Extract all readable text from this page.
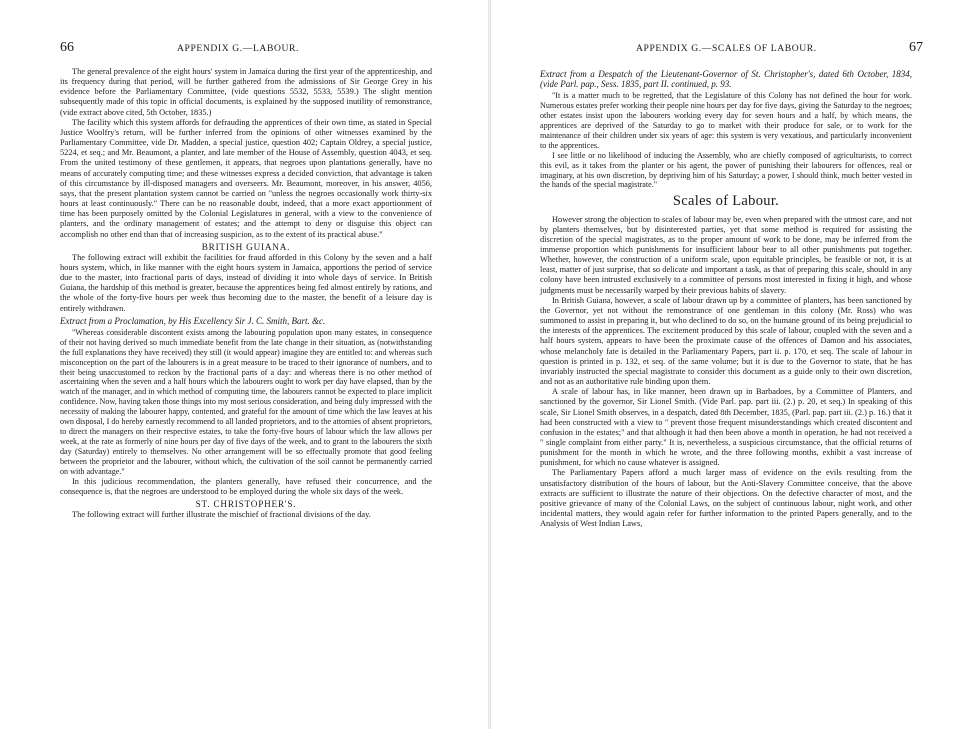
66	APPENDIX G.—LABOUR.

The general prevalence of the eight hours' system in Jamaica during the first year of the apprenticeship, and its frequency during that period, will be further gathered from the admissions of Sir George Grey in his evidence before the Parliamentary Committee, (vide questions 5532, 5533, 5539.) The slight mention subsequently made of this topic in official documents, is explained by the supposed inutility of remonstrance, (vide extract above cited, 5th October, 1835.)

The facility which this system affords for defrauding the apprentices of their own time, as stated in Special Justice Woolfry's return, will be further inferred from the opinions of other witnesses examined by the Parliamentary Committee, vide Dr. Madden, a special justice, question 402; Captain Oldrey, a special justice, 5224, et seq.; and Mr. Beaumont, a planter, and late member of the House of Assembly, question 4043, et seq. From the united testimony of these gentlemen, it appears, that negroes upon plantations generally, have no means of accurately computing time; and these witnesses express a decided conviction, that advantage is taken of this circumstance by ill-disposed managers and overseers. Mr. Beaumont, moreover, in his answer, 4056, says, that the present plantation system cannot be carried on "unless the negroes occasionally work thirty-six hours at least continuously." There can be no reasonable doubt, indeed, that a more exact apportionment of time has been purposely omitted by the Colonial Legislatures in general, with a view to the convenience of planters, and the ordinary management of estates; and the attempt to deny or disguise this object can accomplish no other end than that of increasing suspicion, as to the extent of its practical abuse."

BRITISH GUIANA.

The following extract will exhibit the facilities for fraud afforded in this Colony by the seven and a half hours system, which, in like manner with the eight hours system in Jamaica, apportions the period of service due to the master, into fractional parts of days, instead of dividing it into whole days of service. In British Guiana, the hardship of this method is greater, because the apprentices being fed almost entirely by rations, and the whole of the forty-five hours per week thus becoming due to the master, the benefit of a leisure day is entirely withdrawn.

Extract from a Proclamation, by His Excellency Sir J. C. Smith, Bart. &c.

"Whereas considerable discontent exists among the labouring population upon many estates, in consequence of their not having derived so much immediate benefit from the late change in their situation, as (notwithstanding the full explanations they have received) they still (it would appear) imagine they are entitled to: and whereas such misconception on the part of the labourers is in a great measure to be traced to their ignorance of numbers, and to their being unaccustomed to reckon by the fractional parts of a day: and whereas there is no other method of ascertaining when the seven and a half hours which the labourers ought to work per day have elapsed, than by the watch of the manager, and in which method of computing time, the labourers cannot be expected to place implicit confidence. Now, having taken those things into my most serious consideration, and being duly impressed with the necessity of making the labourer happy, contented, and grateful for the amount of time which the law leaves at his own disposal, I do hereby earnestly recommend to all landed proprietors, and to the attornies of absent proprietors, to direct the managers on their respective estates, to take the forty-five hours of labour which the law allows per week, at the rate as formerly of nine hours per day of five days of the week, and to grant to the labourers the sixth day (Saturday) entirely to themselves. No other arrangement will be so effectually promote that good feeling between the proprietor and the labourer, without which, the cultivation of the soil cannot be permanently carried on with advantage."

In this judicious recommendation, the planters generally, have refused their concurrence, and the consequence is, that the negroes are understood to be employed during the whole six days of the week.

ST. CHRISTOPHER'S.

The following extract will further illustrate the mischief of fractional divisions of the day.

APPENDIX G.—SCALES OF LABOUR.	67

Extract from a Despatch of the Lieutenant-Governor of St. Christopher's, dated 6th October, 1834, (vide Parl. pap., Sess. 1835, part II. continued, p. 93.

"It is a matter much to be regretted, that the Legislature of this Colony has not defined the hour for work. Numerous estates prefer working their people nine hours per day for five days, giving the Saturday to the negroes; other estates insist upon the labourers working every day for seven hours and a half, by which means, the apprentices are deprived of the Saturday to go to market with their produce for sale, or to work for the maintenance of their children under six years of age: this system is very vexatious, and particularly inconvenient to the apprentices.

I see little or no likelihood of inducing the Assembly, who are chiefly composed of agriculturists, to correct this evil, as it takes from the planter or his agent, the power of punishing their labourers for offences, real or imaginary, at his own discretion, by depriving him of his Saturday; a power, I should think, much better vested in the hands of the special magistrate."

Scales of Labour.

However strong the objection to scales of labour may be, even when prepared with the utmost care, and not by planters themselves, but by disinterested parties, yet that some method is required for assisting the discretion of the special magistrates, as to the proper amount of work to be done, may be inferred from the immense proportion which punishments for insufficient labour bear to all other punishments put together. Whether, however, the construction of a uniform scale, upon equitable principles, be feasible or not, it is at least, matter of just surprise, that so delicate and important a task, as that of preparing this scale, should in any colony have been intrusted exclusively to a committee of persons most interested in fixing it high, and whose judgments must be necessarily warped by their previous habits of slavery.

In British Guiana, however, a scale of labour drawn up by a committee of planters, has been sanctioned by the Governor, yet not without the remonstrance of one gentleman in this colony (Mr. Ross) who was summoned to assist in preparing it, but who declined to do so, on the humane ground of its being prejudicial to the interests of the apprentices. The excitement produced by this scale of labour, coupled with the seven and a half hours system, appears to have been the proximate cause of the offences of Damon and his associates, whose melancholy fate is detailed in the Parliamentary Papers, part ii. p. 170, et seq. The scale of labour in question is printed in p. 132, et seq. of the same volume; but it is due to the Governor to state, that he has invariably instructed the special magistrate to consider this document as a guide only to their own discretion, and not as an authoritative rule binding upon them.

A scale of labour has, in like manner, been drawn up in Barbadoes, by a Committee of Planters, and sanctioned by the governor, Sir Lionel Smith. (Vide Parl. pap. part iii. (2.) p. 20, et seq.) In speaking of this scale, Sir Lionel Smith observes, in a despatch, dated 8th December, 1835, (Parl. pap. part iii. (2.) p. 16.) that it had been constructed with a view to " prevent those frequent misunderstandings which created discontent and confusion in the estates;" and that although it had then been above a month in operation, he had not received a " single complaint from either party." It is, nevertheless, a suspicious circumstance, that the official returns of punishment for the month in which he wrote, and the three following months, exhibit a vast increase of punishment, for which no cause whatever is assigned.

The Parliamentary Papers afford a much larger mass of evidence on the evils resulting from the unsatisfactory distribution of the hours of labour, but the Anti-Slavery Committee conceive, that the above extracts are sufficient to illustrate the nature of their objections. On the defective character of most, and the positive grievance of many of the Colonial Laws, on the subject of continuous labour, night work, and other incidental matters, they would again refer for further information to the printed Papers generally, and to the Analysis of West Indian Laws,
